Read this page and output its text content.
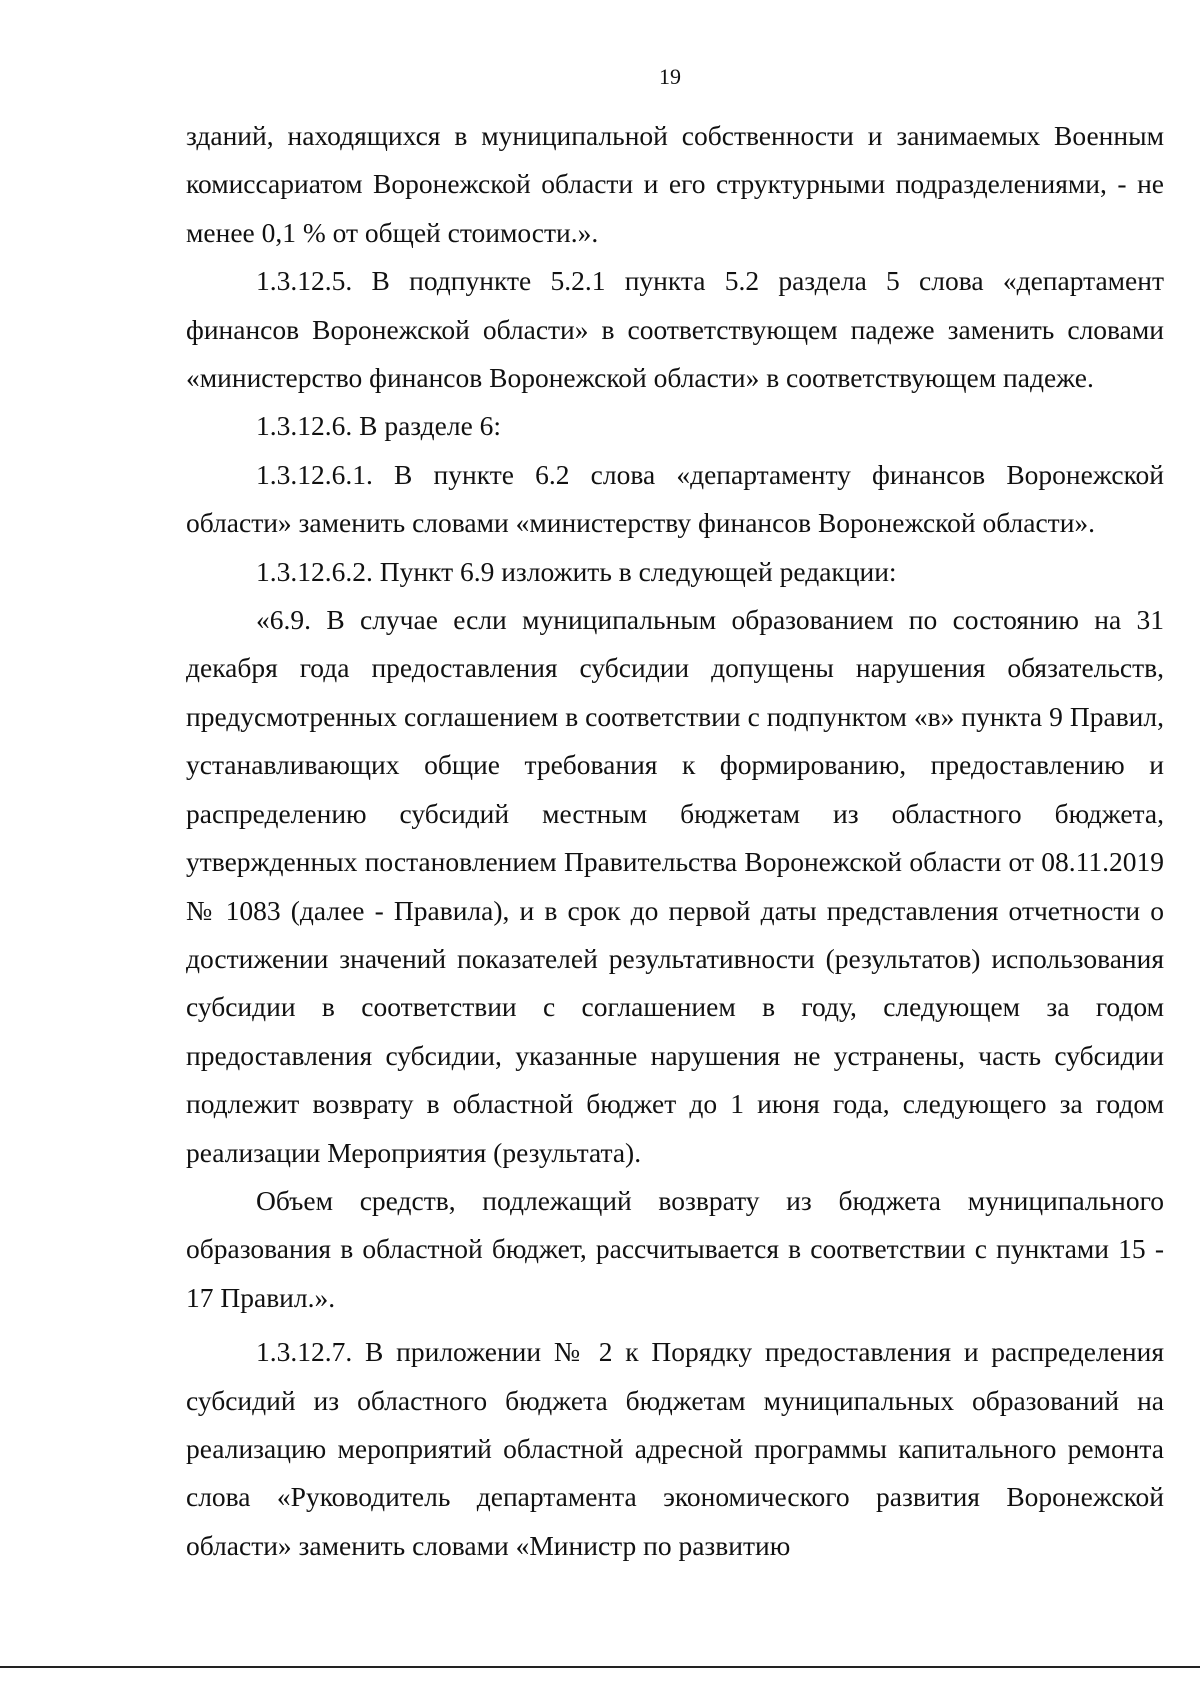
19

зданий, находящихся в муниципальной собственности и занимаемых Военным комиссариатом Воронежской области и его структурными подразделениями, - не менее 0,1 % от общей стоимости.».

1.3.12.5. В подпункте 5.2.1 пункта 5.2 раздела 5 слова «департамент финансов Воронежской области» в соответствующем падеже заменить словами «министерство финансов Воронежской области» в соответствующем падеже.

1.3.12.6. В разделе 6:

1.3.12.6.1. В пункте 6.2 слова «департаменту финансов Воронежской области» заменить словами «министерству финансов Воронежской области».

1.3.12.6.2. Пункт 6.9 изложить в следующей редакции:

«6.9. В случае если муниципальным образованием по состоянию на 31 декабря года предоставления субсидии допущены нарушения обязательств, предусмотренных соглашением в соответствии с подпунктом «в» пункта 9 Правил, устанавливающих общие требования к формированию, предоставлению и распределению субсидий местным бюджетам из областного бюджета, утвержденных постановлением Правительства Воронежской области от 08.11.2019 № 1083 (далее - Правила), и в срок до первой даты представления отчетности о достижении значений показателей результативности (результатов) использования субсидии в соответствии с соглашением в году, следующем за годом предоставления субсидии, указанные нарушения не устранены, часть субсидии подлежит возврату в областной бюджет до 1 июня года, следующего за годом реализации Мероприятия (результата).

Объем средств, подлежащий возврату из бюджета муниципального образования в областной бюджет, рассчитывается в соответствии с пунктами 15 - 17 Правил.».

1.3.12.7. В приложении № 2 к Порядку предоставления и распределения субсидий из областного бюджета бюджетам муниципальных образований на реализацию мероприятий областной адресной программы капитального ремонта слова «Руководитель департамента экономического развития Воронежской области» заменить словами «Министр по развитию
